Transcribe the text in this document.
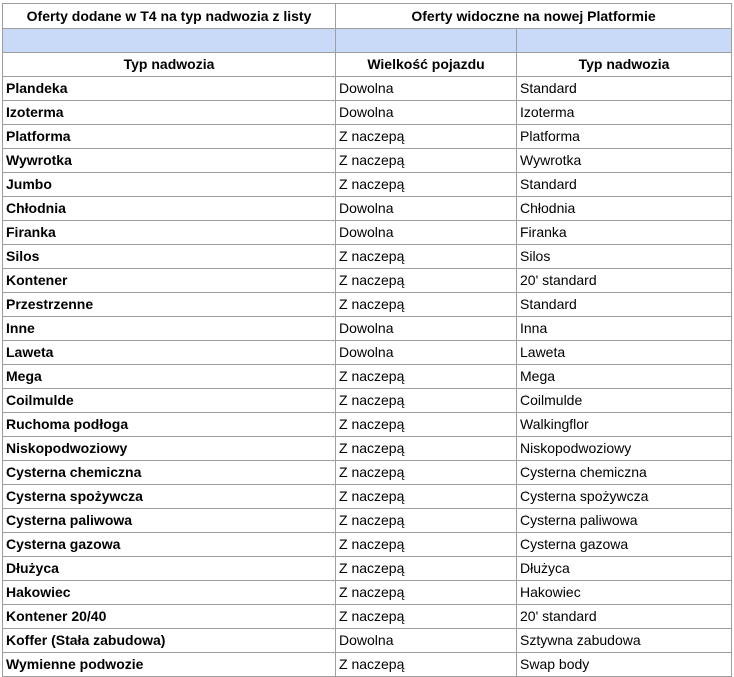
Oferty dodane w T4 na typ nadwozia z listy	Oferty widoczne na nowej Platformie	

Typ nadwozia	Wielkość pojazdu	Typ nadwozia
Plandeka	Dowolna	Standard
Izoterma	Dowolna	Izoterma
Platforma	Z naczepą	Platforma
Wywrotka	Z naczepą	Wywrotka
Jumbo	Z naczepą	Standard
Chłodnia	Dowolna	Chłodnia
Firanka	Dowolna	Firanka
Silos	Z naczepą	Silos
Kontener	Z naczepą	20' standard
Przestrzenne	Z naczepą	Standard
Inne	Dowolna	Inna
Laweta	Dowolna	Laweta
Mega	Z naczepą	Mega
Coilmulde	Z naczepą	Coilmulde
Ruchoma podłoga	Z naczepą	Walkingflor
Niskopodwoziowy	Z naczepą	Niskopodwoziowy
Cysterna chemiczna	Z naczepą	Cysterna chemiczna
Cysterna spożywcza	Z naczepą	Cysterna spożywcza
Cysterna paliwowa	Z naczepą	Cysterna paliwowa
Cysterna gazowa	Z naczepą	Cysterna gazowa
Dłużyca	Z naczepą	Dłużyca
Hakowiec	Z naczepą	Hakowiec
Kontener 20/40	Z naczepą	20' standard
Koffer (Stała zabudowa)	Dowolna	Sztywna zabudowa
Wymienne podwozie	Z naczepą	Swap body
